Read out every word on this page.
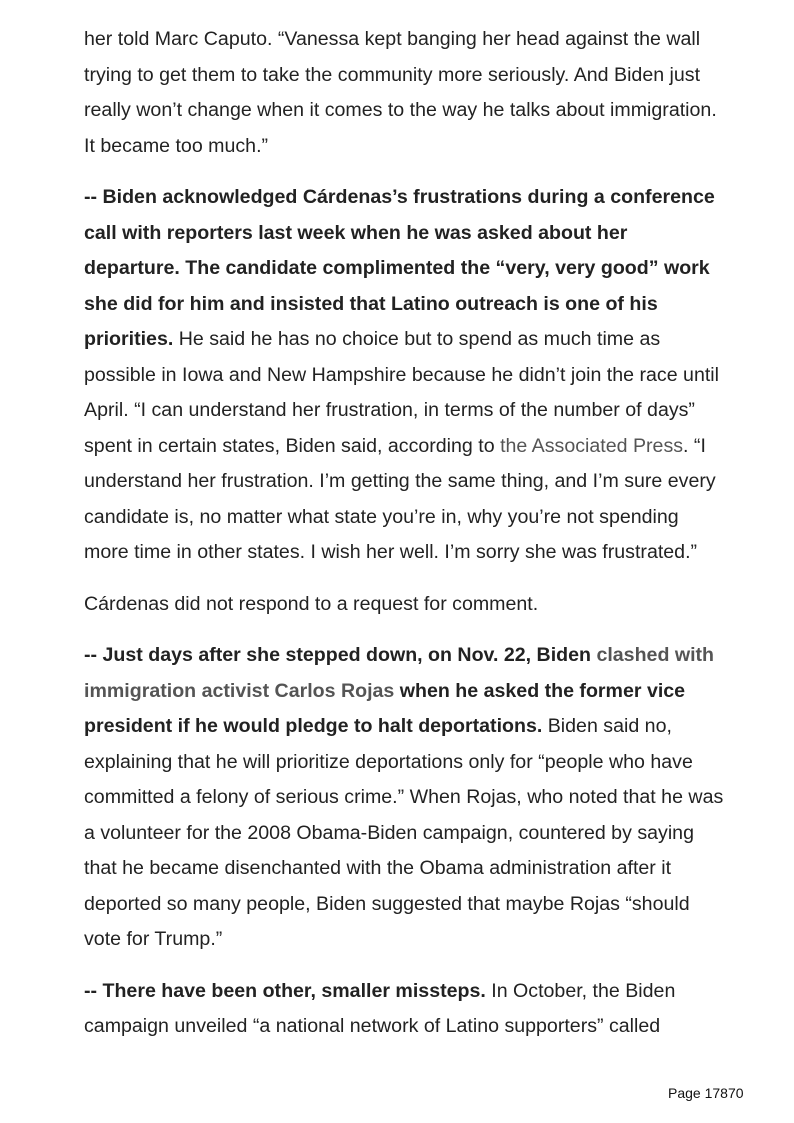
her told Marc Caputo. “Vanessa kept banging her head against the wall trying to get them to take the community more seriously. And Biden just really won’t change when it comes to the way he talks about immigration. It became too much.”

-- Biden acknowledged Cárdenas’s frustrations during a conference call with reporters last week when he was asked about her departure. The candidate complimented the “very, very good” work she did for him and insisted that Latino outreach is one of his priorities. He said he has no choice but to spend as much time as possible in Iowa and New Hampshire because he didn’t join the race until April. “I can understand her frustration, in terms of the number of days” spent in certain states, Biden said, according to the Associated Press. “I understand her frustration. I’m getting the same thing, and I’m sure every candidate is, no matter what state you’re in, why you’re not spending more time in other states. I wish her well. I’m sorry she was frustrated.”

Cárdenas did not respond to a request for comment.

-- Just days after she stepped down, on Nov. 22, Biden clashed with immigration activist Carlos Rojas when he asked the former vice president if he would pledge to halt deportations. Biden said no, explaining that he will prioritize deportations only for “people who have committed a felony of serious crime.” When Rojas, who noted that he was a volunteer for the 2008 Obama-Biden campaign, countered by saying that he became disenchanted with the Obama administration after it deported so many people, Biden suggested that maybe Rojas “should vote for Trump.”

-- There have been other, smaller missteps. In October, the Biden campaign unveiled “a national network of Latino supporters” called

Page 17870
